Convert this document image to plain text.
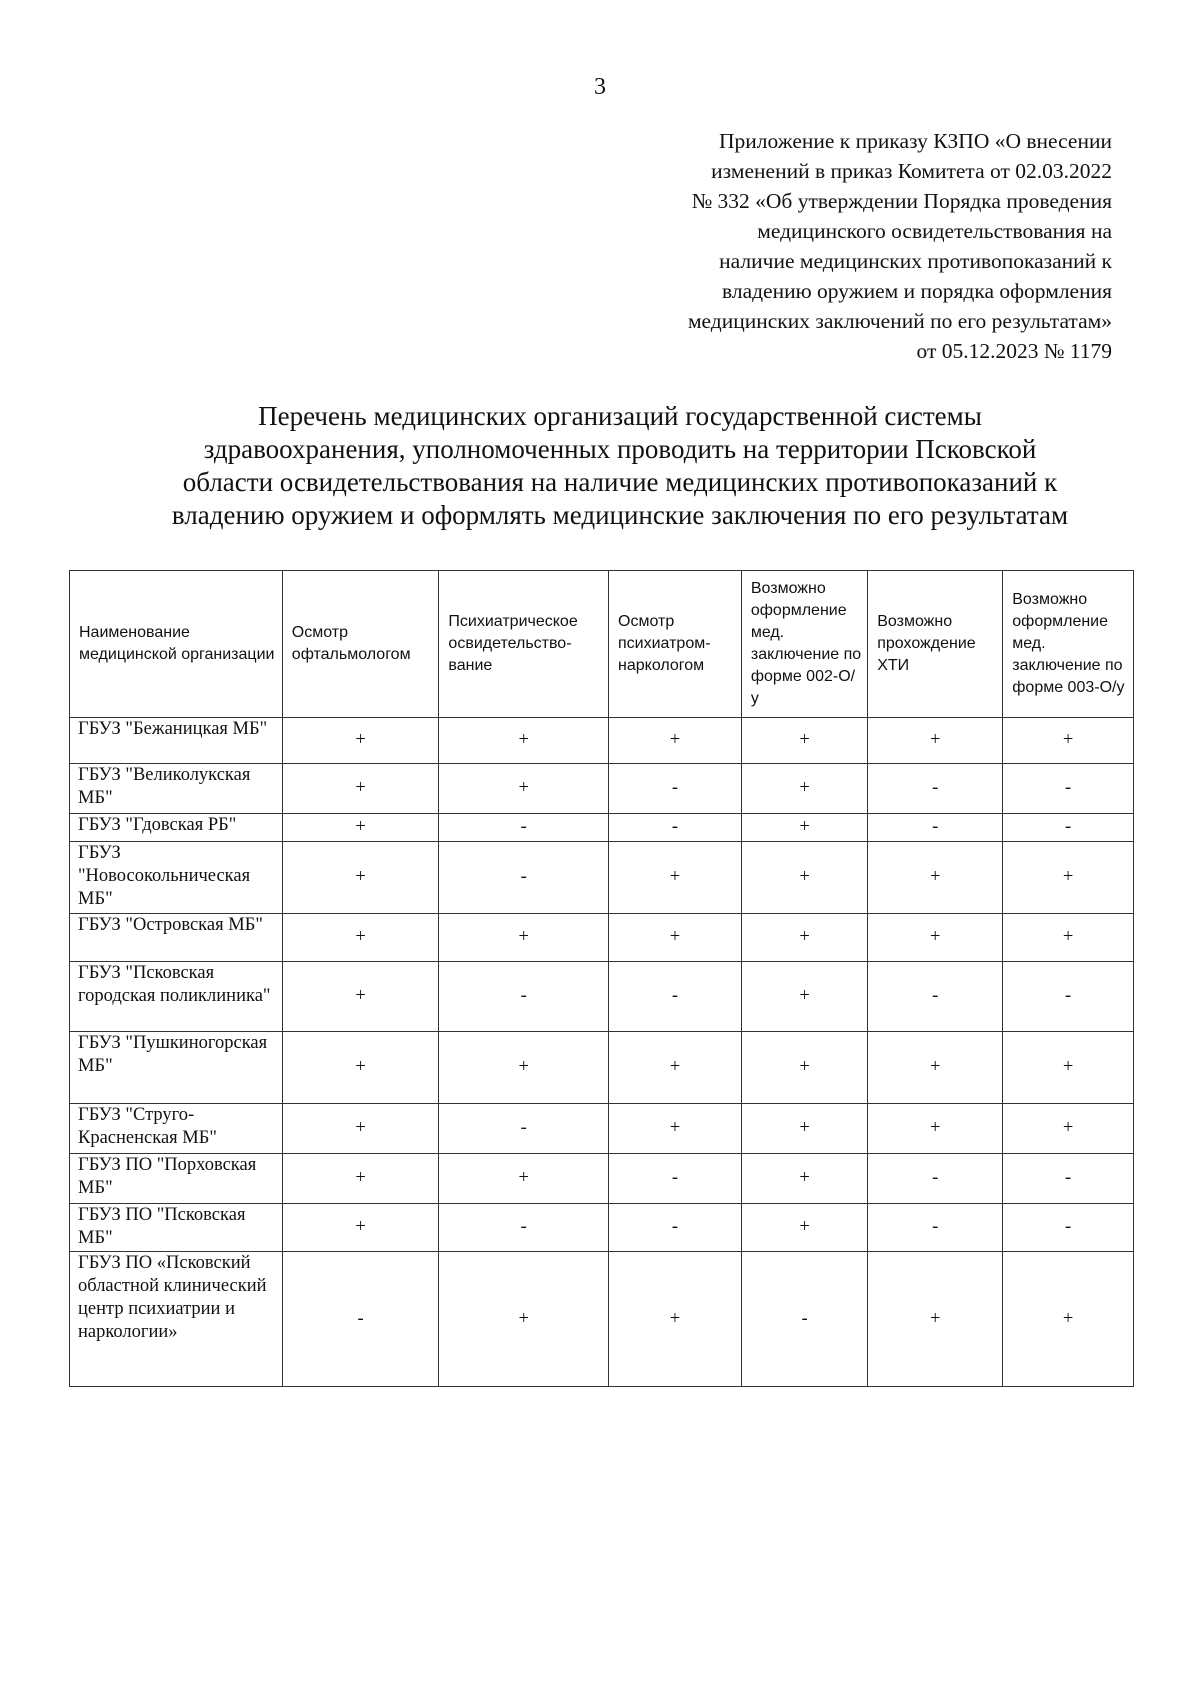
3
Приложение к приказу КЗПО «О внесении
изменений в приказ Комитета от 02.03.2022
№ 332 «Об утверждении Порядка проведения
медицинского освидетельствования на
наличие медицинских противопоказаний к
владению оружием и порядка оформления
медицинских заключений по его результатам»
от 05.12.2023 № 1179
Перечень медицинских организаций государственной системы
здравоохранения, уполномоченных проводить на территории Псковской
области освидетельствования на наличие медицинских противопоказаний к
владению оружием и оформлять медицинские заключения по его результатам
Наименование медицинской организации	Осмотр офтальмологом	Психиатрическое освидетельство-вание	Осмотр психиатром-наркологом	Возможно оформление мед. заключение по форме 002-О/у	Возможно прохождение ХТИ	Возможно оформление мед. заключение по форме 003-О/у
ГБУЗ "Бежаницкая МБ"	+	+	+	+	+	+
ГБУЗ "Великолукская МБ"	+	+	-	+	-	-
ГБУЗ "Гдовская РБ"	+	-	-	+	-	-
ГБУЗ "Новосокольническая МБ"	+	-	+	+	+	+
ГБУЗ "Островская МБ"	+	+	+	+	+	+
ГБУЗ "Псковская городская поликлиника"	+	-	-	+	-	-
ГБУЗ "Пушкиногорская МБ"	+	+	+	+	+	+
ГБУЗ "Струго-Красненская МБ"	+	-	+	+	+	+
ГБУЗ ПО "Порховская МБ"	+	+	-	+	-	-
ГБУЗ ПО "Псковская МБ"	+	-	-	+	-	-
ГБУЗ ПО «Псковский областной клинический центр психиатрии и наркологии»	-	+	+	-	+	+
